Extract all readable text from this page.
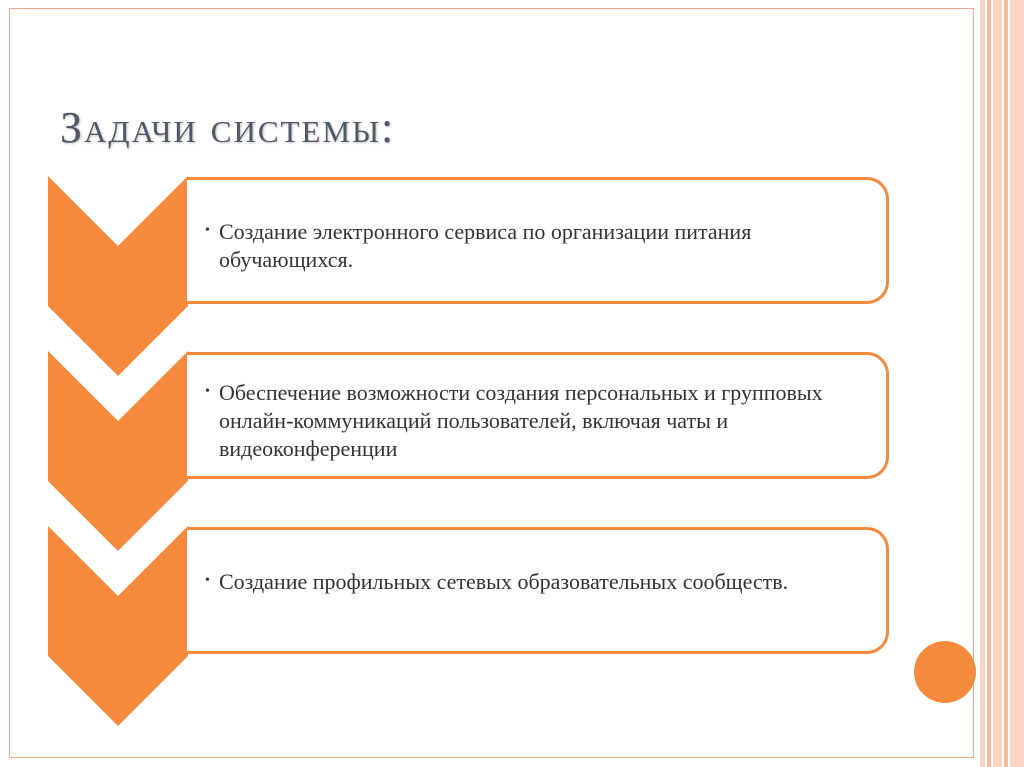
Задачи системы:
• Создание электронного сервиса по организации питания обучающихся.
• Обеспечение возможности создания персональных и групповых онлайн-коммуникаций пользователей, включая чаты и видеоконференции
• Создание профильных сетевых образовательных сообществ.
